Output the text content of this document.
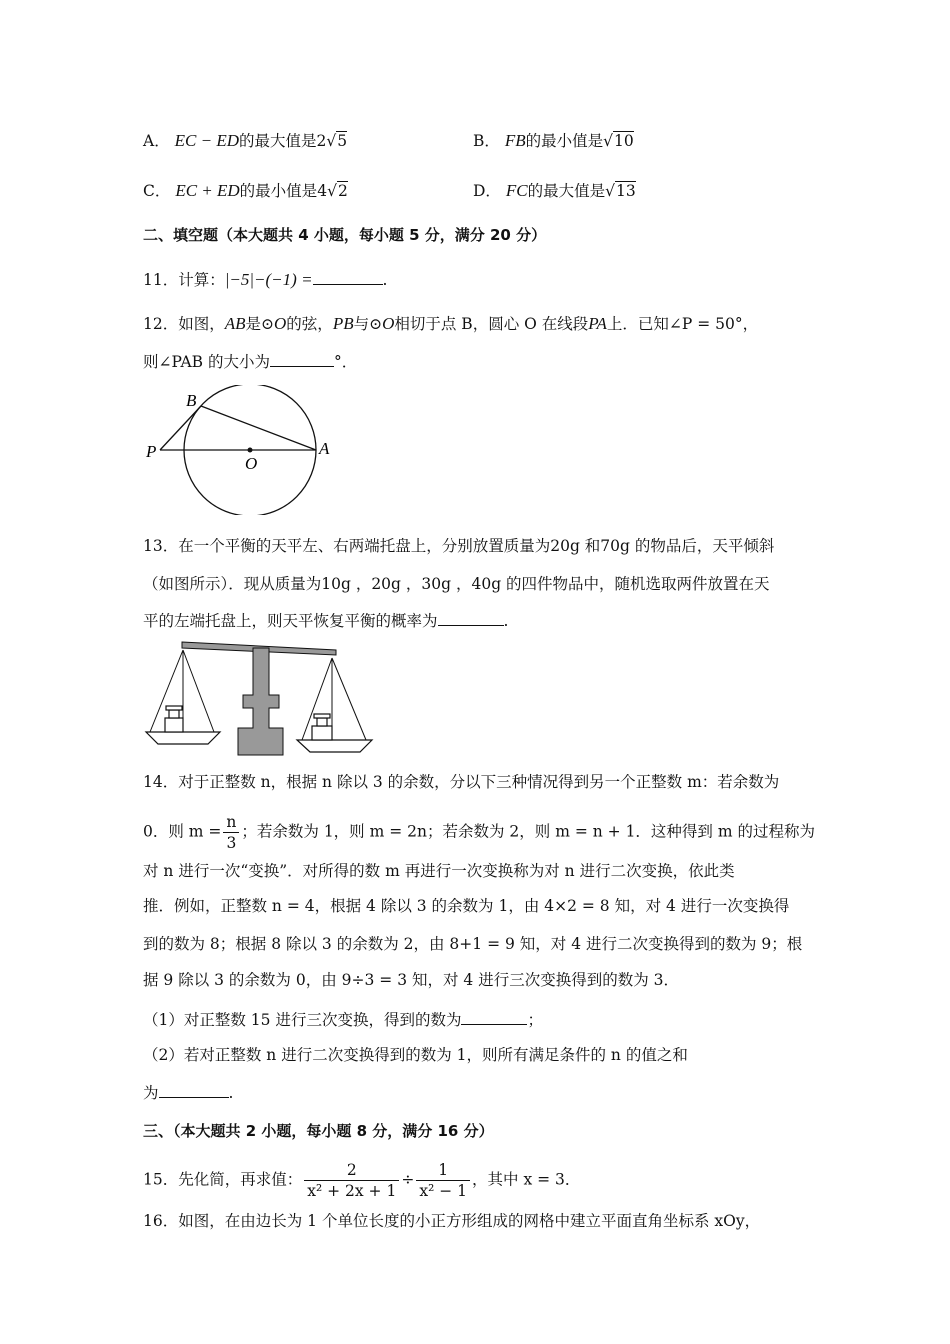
A． EC − ED的最大值是2√5	B． FB的最小值是√10
C． EC + ED的最小值是4√2	D． FC的最大值是√13
二、填空题（本大题共 4 小题，每小题 5 分，满分 20 分）
11．计算：|−5|−(−1) =	.
12．如图，AB是⊙O的弦，PB与⊙O相切于点 B，圆心 O 在线段PA上．已知∠P = 50°，
则∠PAB 的大小为	°．
B
P
O
A
13．在一个平衡的天平左、右两端托盘上，分别放置质量为20g 和70g 的物品后，天平倾斜
（如图所示）．现从质量为10g ，20g ，30g ，40g 的四件物品中，随机选取两件放置在天
平的左端托盘上，则天平恢复平衡的概率为	.
14．对于正整数 n，根据 n 除以 3 的余数，分以下三种情况得到另一个正整数 m：若余数为
0．则 $m = \frac{n}{3}$ ；若余数为 1，则 m = 2n；若余数为 2，则 m = n + 1．这种得到 m 的过程称为
对 n 进行一次“变换”．对所得的数 m 再进行一次变换称为对 n 进行二次变换，依此类
推．例如，正整数 n = 4，根据 4 除以 3 的余数为 1，由 4×2 = 8 知，对 4 进行一次变换得
到的数为 8；根据 8 除以 3 的余数为 2，由 8+1 = 9 知，对 4 进行二次变换得到的数为 9；根
据 9 除以 3 的余数为 0，由 9÷3 = 3 知，对 4 进行三次变换得到的数为 3．
（1）对正整数 15 进行三次变换，得到的数为	；
（2）若对正整数 n 进行二次变换得到的数为 1，则所有满足条件的 n 的值之和
为	.
三、（本大题共 2 小题，每小题 8 分，满分 16 分）
15．先化简，再求值： $\frac{2}{\text{x² + 2x + 1}} \div \frac{1}{\text{x² − 1}}$ ，其中 x = 3．
16．如图，在由边长为 1 个单位长度的小正方形组成的网格中建立平面直角坐标系 xOy，
